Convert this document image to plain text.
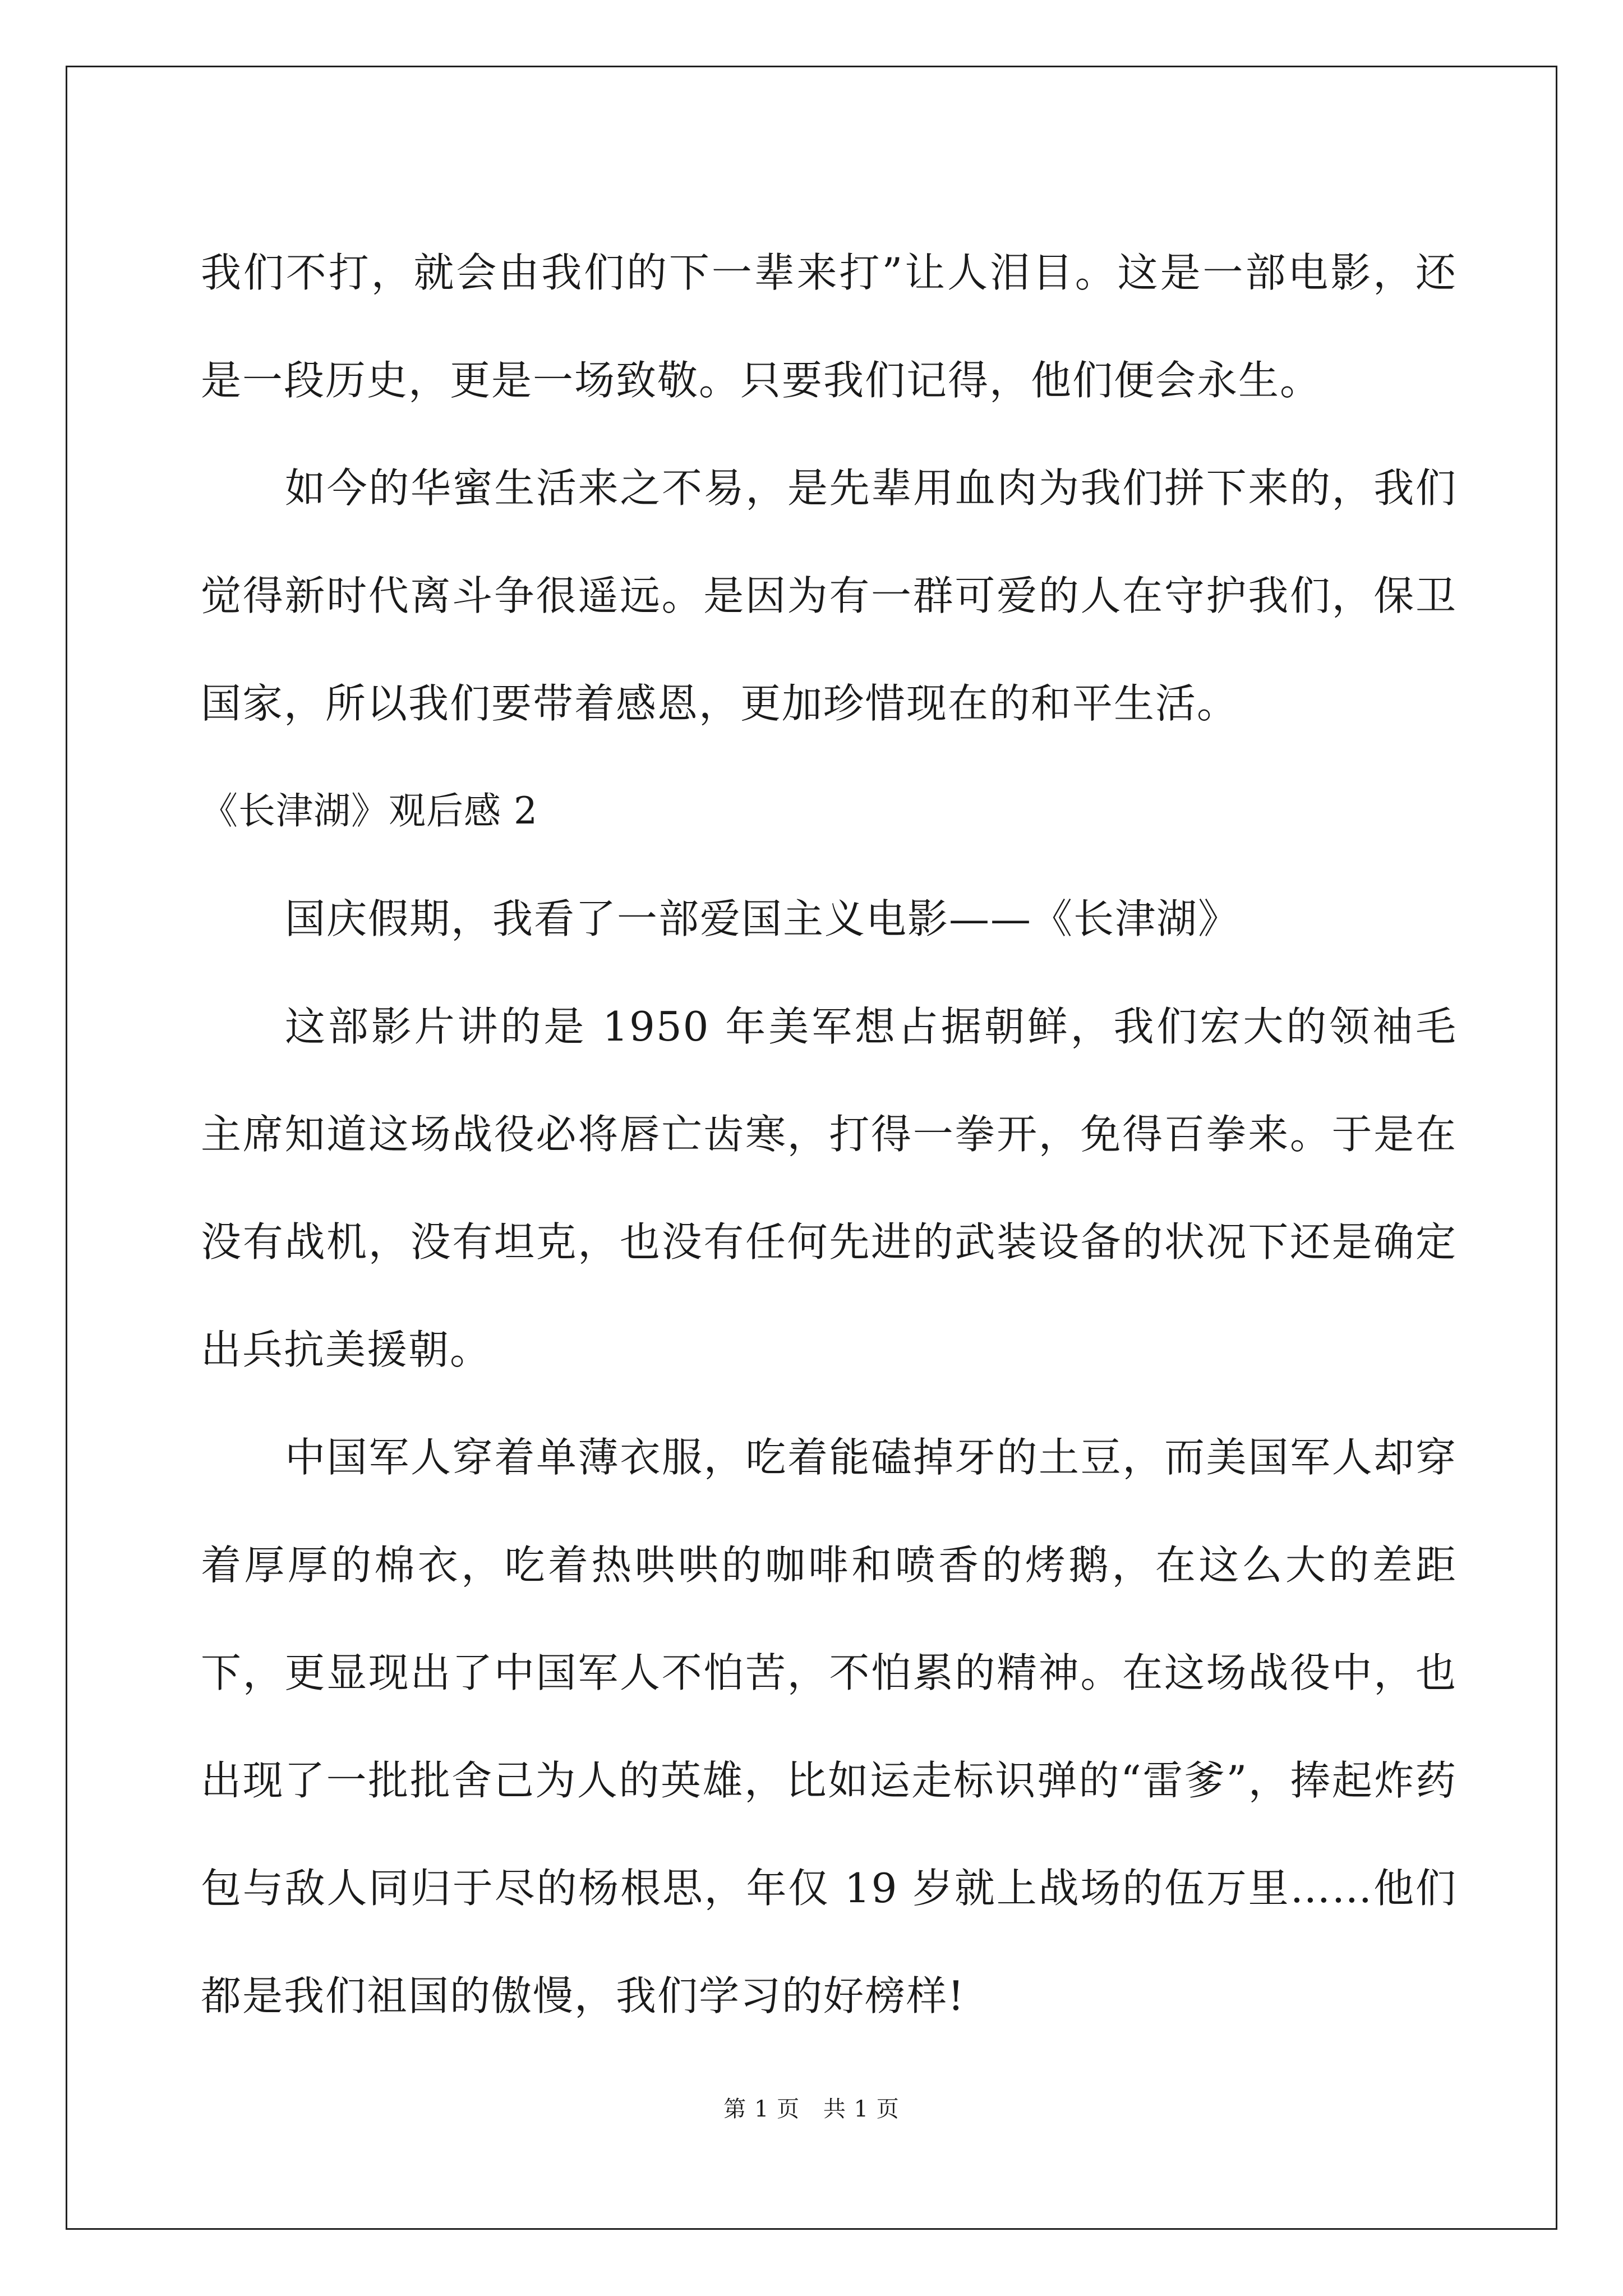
我们不打，就会由我们的下一辈来打”让人泪目。这是一部电影，还是一段历史，更是一场致敬。只要我们记得，他们便会永生。

如今的华蜜生活来之不易，是先辈用血肉为我们拼下来的，我们觉得新时代离斗争很遥远。是因为有一群可爱的人在守护我们，保卫国家，所以我们要带着感恩，更加珍惜现在的和平生活。

《长津湖》观后感 2

国庆假期，我看了一部爱国主义电影——《长津湖》

这部影片讲的是 1950 年美军想占据朝鲜，我们宏大的领袖毛主席知道这场战役必将唇亡齿寒，打得一拳开，免得百拳来。于是在没有战机，没有坦克，也没有任何先进的武装设备的状况下还是确定出兵抗美援朝。

中国军人穿着单薄衣服，吃着能磕掉牙的土豆，而美国军人却穿着厚厚的棉衣，吃着热哄哄的咖啡和喷香的烤鹅，在这么大的差距下，更显现出了中国军人不怕苦，不怕累的精神。在这场战役中，也出现了一批批舍己为人的英雄，比如运走标识弹的“雷爹”，捧起炸药包与敌人同归于尽的杨根思，年仅 19 岁就上战场的伍万里……他们都是我们祖国的傲慢，我们学习的好榜样!

第 1 页 共 1 页
